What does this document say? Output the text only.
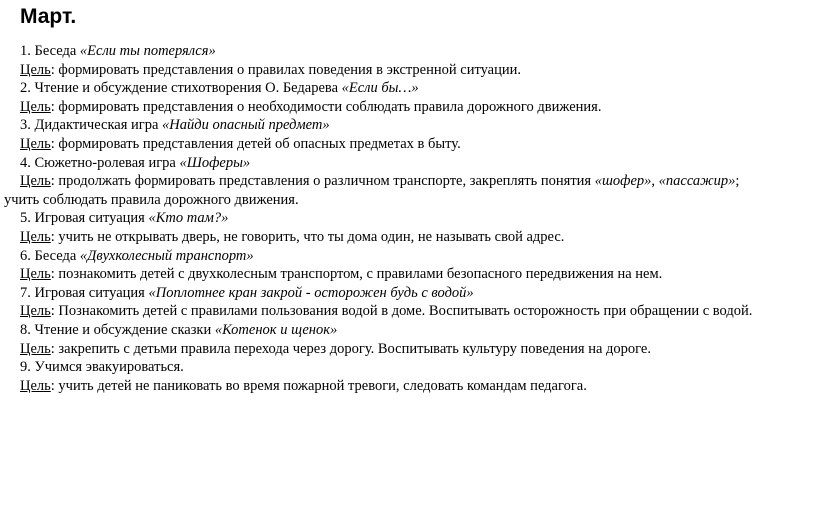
Март.
1. Беседа «Если ты потерялся»
Цель: формировать представления о правилах поведения в экстренной ситуации.
2. Чтение и обсуждение стихотворения О. Бедарева «Если бы…»
Цель: формировать представления о необходимости соблюдать правила дорожного движения.
3. Дидактическая игра «Найди опасный предмет»
Цель: формировать представления детей об опасных предметах в быту.
4. Сюжетно-ролевая игра «Шоферы»
Цель: продолжать формировать представления о различном транспорте, закреплять понятия «шофер», «пассажир»;
учить соблюдать правила дорожного движения.
5. Игровая ситуация «Кто там?»
Цель: учить не открывать дверь, не говорить, что ты дома один, не называть свой адрес.
6. Беседа «Двухколесный транспорт»
Цель: познакомить детей с двухколесным транспортом, с правилами безопасного передвижения на нем.
7. Игровая ситуация «Поплотнее кран закрой - осторожен будь с водой»
Цель: Познакомить детей с правилами пользования водой в доме. Воспитывать осторожность при обращении с водой.
8. Чтение и обсуждение сказки «Котенок и щенок»
Цель: закрепить с детьми правила перехода через дорогу. Воспитывать культуру поведения на дороге.
9. Учимся эвакуироваться.
Цель: учить детей не паниковать во время пожарной тревоги, следовать командам педагога.
